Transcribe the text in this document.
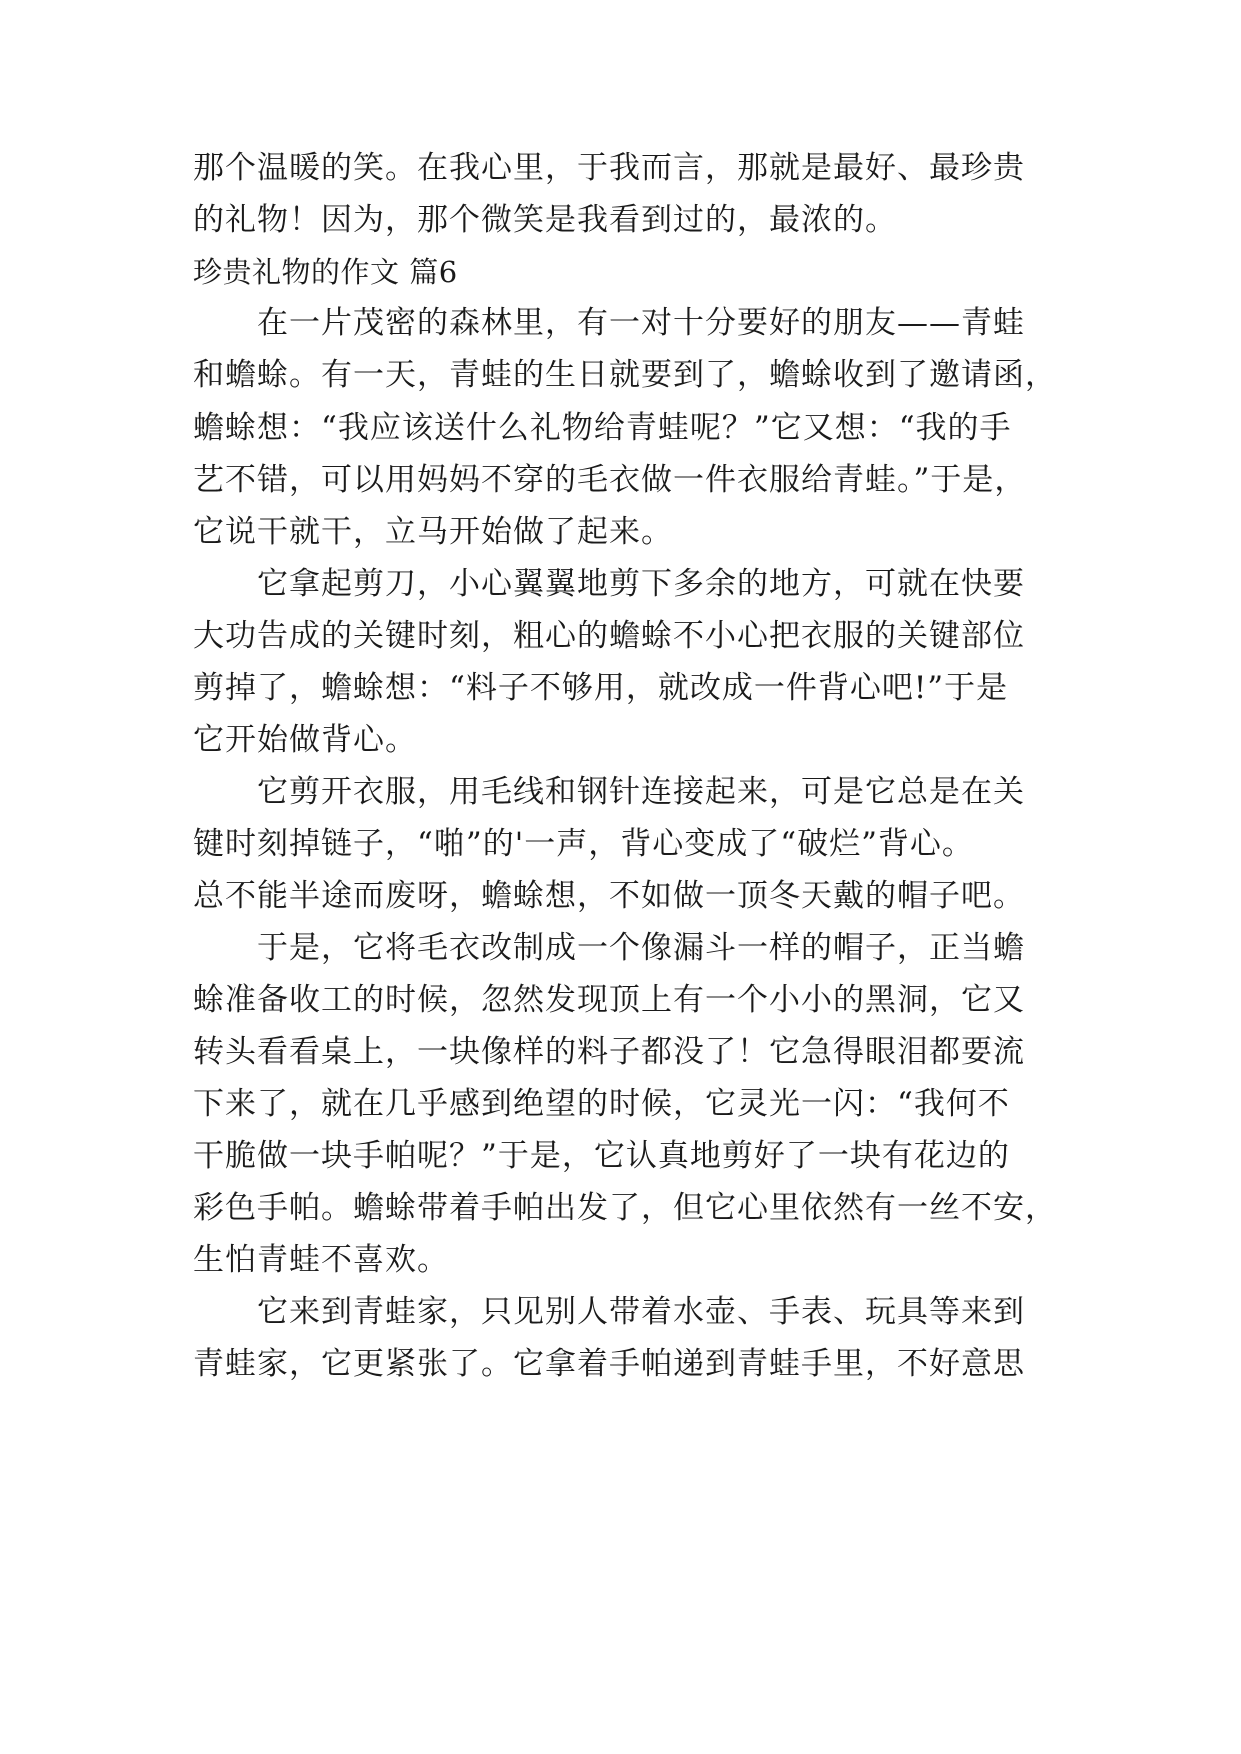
那个温暖的笑。在我心里，于我而言，那就是最好、最珍贵
的礼物！因为，那个微笑是我看到过的，最浓的。
珍贵礼物的作文 篇6
　　在一片茂密的森林里，有一对十分要好的朋友——青蛙
和蟾蜍。有一天，青蛙的生日就要到了，蟾蜍收到了邀请函，
蟾蜍想：“我应该送什么礼物给青蛙呢？”它又想：“我的手
艺不错，可以用妈妈不穿的毛衣做一件衣服给青蛙。”于是，
它说干就干，立马开始做了起来。
　　它拿起剪刀，小心翼翼地剪下多余的地方，可就在快要
大功告成的关键时刻，粗心的蟾蜍不小心把衣服的关键部位
剪掉了，蟾蜍想：“料子不够用，就改成一件背心吧!”于是
它开始做背心。
　　它剪开衣服，用毛线和钢针连接起来，可是它总是在关
键时刻掉链子，“啪”的'一声，背心变成了“破烂”背心。
总不能半途而废呀，蟾蜍想，不如做一顶冬天戴的帽子吧。
　　于是，它将毛衣改制成一个像漏斗一样的帽子，正当蟾
蜍准备收工的时候，忽然发现顶上有一个小小的黑洞，它又
转头看看桌上，一块像样的料子都没了！它急得眼泪都要流
下来了，就在几乎感到绝望的时候，它灵光一闪：“我何不
干脆做一块手帕呢？”于是，它认真地剪好了一块有花边的
彩色手帕。蟾蜍带着手帕出发了，但它心里依然有一丝不安，
生怕青蛙不喜欢。
　　它来到青蛙家，只见别人带着水壶、手表、玩具等来到
青蛙家，它更紧张了。它拿着手帕递到青蛙手里，不好意思
